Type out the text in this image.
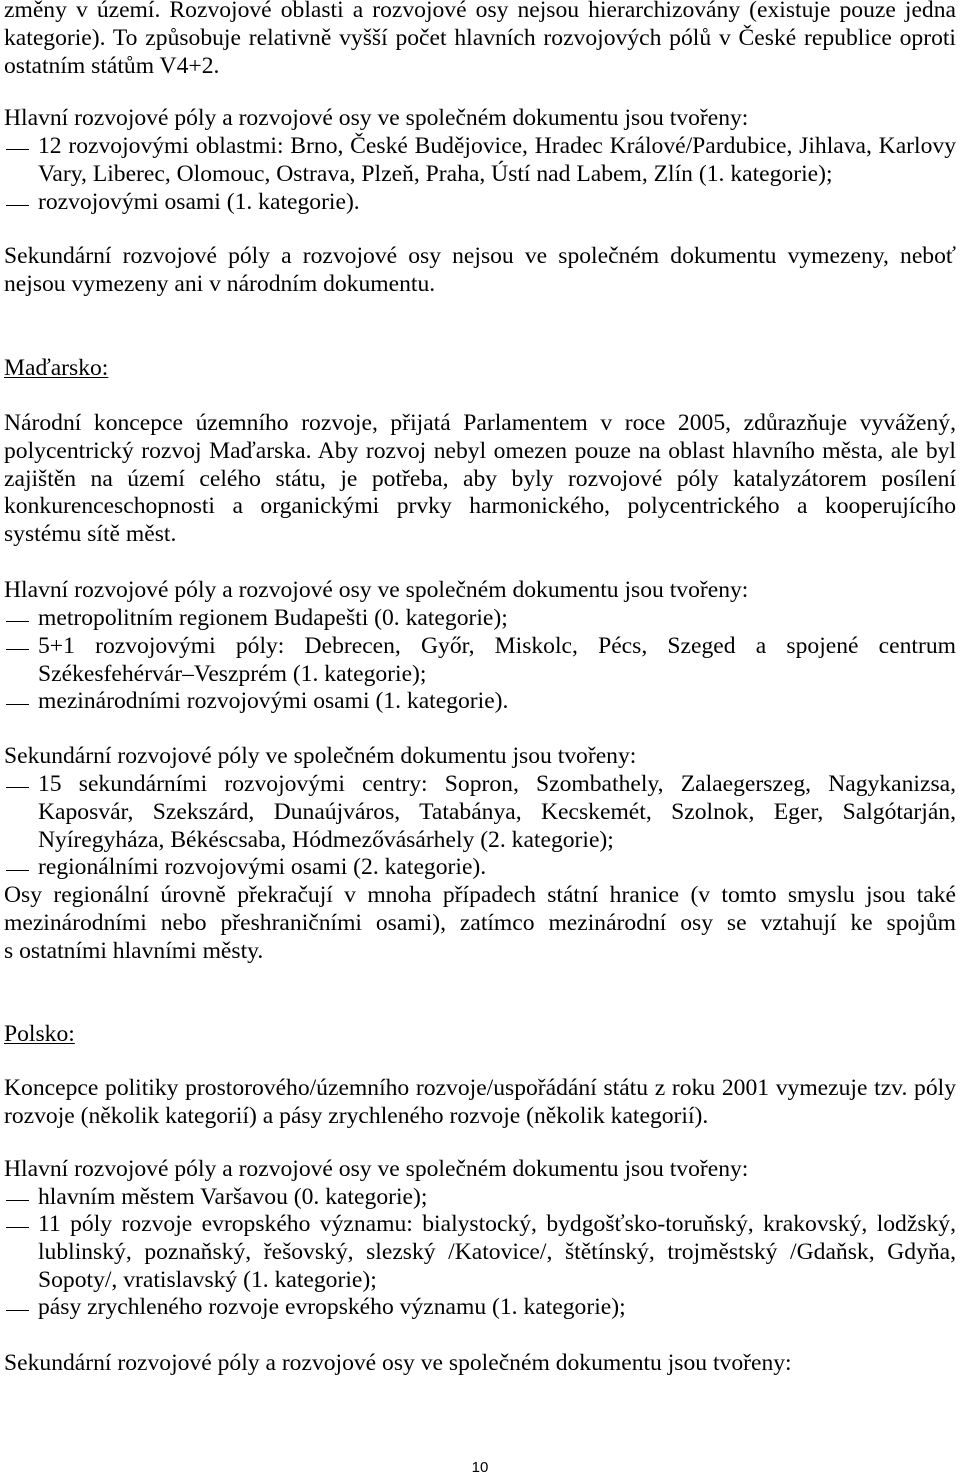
změny v území. Rozvojové oblasti a rozvojové osy nejsou hierarchizovány (existuje pouze jedna
kategorie). To způsobuje relativně vyšší počet hlavních rozvojových pólů v České republice oproti
ostatním státům V4+2.
Hlavní rozvojové póly a rozvojové osy ve společném dokumentu jsou tvořeny:
12 rozvojovými oblastmi: Brno, České Budějovice, Hradec Králové/Pardubice, Jihlava, Karlovy
Vary, Liberec, Olomouc, Ostrava, Plzeň, Praha, Ústí nad Labem, Zlín (1. kategorie);
rozvojovými osami (1. kategorie).
Sekundární rozvojové póly a rozvojové osy nejsou ve společném dokumentu vymezeny, neboť
nejsou vymezeny ani v národním dokumentu.
Maďarsko:
Národní koncepce územního rozvoje, přijatá Parlamentem v roce 2005, zdůrazňuje vyvážený,
polycentrický rozvoj Maďarska. Aby rozvoj nebyl omezen pouze na oblast hlavního města, ale byl
zajištěn na území celého státu, je potřeba, aby byly rozvojové póly katalyzátorem posílení
konkurenceschopnosti a organickými prvky harmonického, polycentrického a kooperujícího
systému sítě měst.
Hlavní rozvojové póly a rozvojové osy ve společném dokumentu jsou tvořeny:
metropolitním regionem Budapešti (0. kategorie);
5+1 rozvojovými póly: Debrecen, Győr, Miskolc, Pécs, Szeged a spojené centrum
Székesfehérvár–Veszprém (1. kategorie);
mezinárodními rozvojovými osami (1. kategorie).
Sekundární rozvojové póly ve společném dokumentu jsou tvořeny:
15 sekundárními rozvojovými centry: Sopron, Szombathely, Zalaegerszeg, Nagykanizsa,
Kaposvár, Szekszárd, Dunaújváros, Tatabánya, Kecskemét, Szolnok, Eger, Salgótarján,
Nyíregyháza, Békéscsaba, Hódmezővásárhely (2. kategorie);
regionálními rozvojovými osami (2. kategorie).
Osy regionální úrovně překračují v mnoha případech státní hranice (v tomto smyslu jsou také
mezinárodními nebo přeshraničními osami), zatímco mezinárodní osy se vztahují ke spojům
s ostatními hlavními městy.
Polsko:
Koncepce politiky prostorového/územního rozvoje/uspořádání státu z roku 2001 vymezuje tzv. póly
rozvoje (několik kategorií) a pásy zrychleného rozvoje (několik kategorií).
Hlavní rozvojové póly a rozvojové osy ve společném dokumentu jsou tvořeny:
hlavním městem Varšavou (0. kategorie);
11 póly rozvoje evropského významu: bialystocký, bydgošťsko-toruňský, krakovský, lodžský,
lublinský, poznaňský, řešovský, slezský /Katovice/, štětínský, trojměstský /Gdaňsk, Gdyňa,
Sopoty/, vratislavský (1. kategorie);
pásy zrychleného rozvoje evropského významu (1. kategorie);
Sekundární rozvojové póly a rozvojové osy ve společném dokumentu jsou tvořeny:
10
